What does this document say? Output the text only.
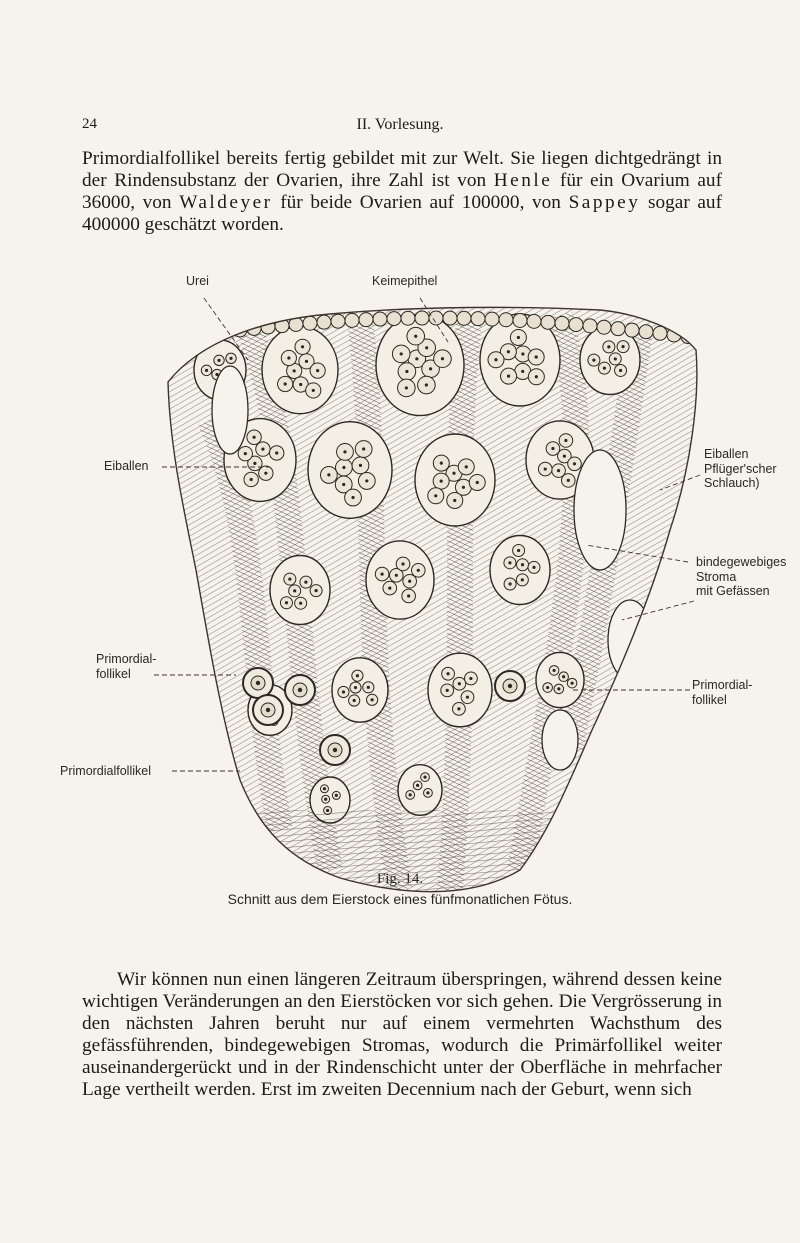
24	II. Vorlesung.

Primordialfollikel bereits fertig gebildet mit zur Welt. Sie liegen dichtgedrängt in der Rindensubstanz der Ovarien, ihre Zahl ist von Henle für ein Ovarium auf 36000, von Waldeyer für beide Ovarien auf 100000, von Sappey sogar auf 400000 geschätzt worden.

Urei	Keimepithel
Eiballen
Eiballen
Pflüger'scher
Schlauch)
bindegewebiges
Stroma
mit Gefässen
Primordial-
follikel
Primordial-
follikel
Primordialfollikel
Fig. 14.
Schnitt aus dem Eierstock eines fünfmonatlichen Fötus.

Wir können nun einen längeren Zeitraum überspringen, während dessen keine wichtigen Veränderungen an den Eierstöcken vor sich gehen. Die Vergrösserung in den nächsten Jahren beruht nur auf einem vermehrten Wachsthum des gefässführenden, bindegewebigen Stromas, wodurch die Primärfollikel weiter auseinandergerückt und in der Rindenschicht unter der Oberfläche in mehrfacher Lage vertheilt werden. Erst im zweiten Decennium nach der Geburt, wenn sich
